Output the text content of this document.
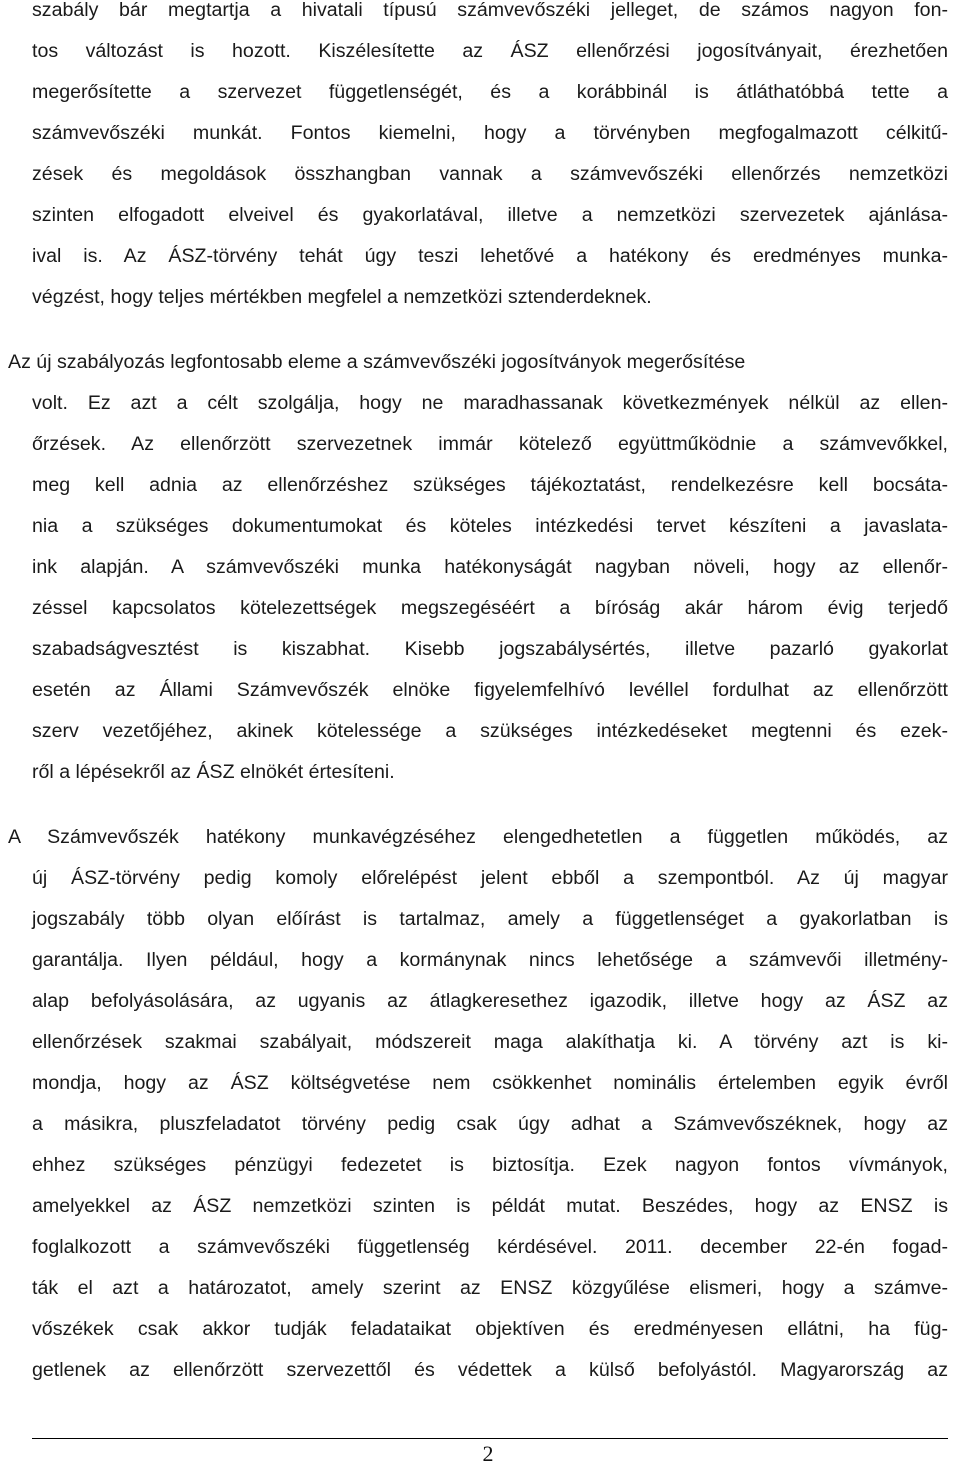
szabály bár megtartja a hivatali típusú számvevőszéki jelleget, de számos nagyon fon-
tos változást is hozott. Kiszélesítette az ÁSZ ellenőrzési jogosítványait, érezhetően
megerősítette a szervezet függetlenségét, és a korábbinál is átláthatóbbá tette a
számvevőszéki munkát. Fontos kiemelni, hogy a törvényben megfogalmazott célkitű-
zések és megoldások összhangban vannak a számvevőszéki ellenőrzés nemzetközi
szinten elfogadott elveivel és gyakorlatával, illetve a nemzetközi szervezetek ajánlása-
ival is. Az ÁSZ-törvény tehát úgy teszi lehetővé a hatékony és eredményes munka-
végzést, hogy teljes mértékben megfelel a nemzetközi sztenderdeknek.
Az új szabályozás legfontosabb eleme a számvevőszéki jogosítványok megerősítése
volt. Ez azt a célt szolgálja, hogy ne maradhassanak következmények nélkül az ellen-
őrzések. Az ellenőrzött szervezetnek immár kötelező együttműködnie a számvevőkkel,
meg kell adnia az ellenőrzéshez szükséges tájékoztatást, rendelkezésre kell bocsáta-
nia a szükséges dokumentumokat és köteles intézkedési tervet készíteni a javaslata-
ink alapján. A számvevőszéki munka hatékonyságát nagyban növeli, hogy az ellenőr-
zéssel kapcsolatos kötelezettségek megszegéséért a bíróság akár három évig terjedő
szabadságvesztést is kiszabhat. Kisebb jogszabálysértés, illetve pazarló gyakorlat
esetén az Állami Számvevőszék elnöke figyelemfelhívó levéllel fordulhat az ellenőrzött
szerv vezetőjéhez, akinek kötelessége a szükséges intézkedéseket megtenni és ezek-
ről a lépésekről az ÁSZ elnökét értesíteni.
A Számvevőszék hatékony munkavégzéséhez elengedhetetlen a független működés, az
új ÁSZ-törvény pedig komoly előrelépést jelent ebből a szempontból. Az új magyar
jogszabály több olyan előírást is tartalmaz, amely a függetlenséget a gyakorlatban is
garantálja. Ilyen például, hogy a kormánynak nincs lehetősége a számvevői illetmény-
alap befolyásolására, az ugyanis az átlagkeresethez igazodik, illetve hogy az ÁSZ az
ellenőrzések szakmai szabályait, módszereit maga alakíthatja ki. A törvény azt is ki-
mondja, hogy az ÁSZ költségvetése nem csökkenhet nominális értelemben egyik évről
a másikra, pluszfeladatot törvény pedig csak úgy adhat a Számvevőszéknek, hogy az
ehhez szükséges pénzügyi fedezetet is biztosítja. Ezek nagyon fontos vívmányok,
amelyekkel az ÁSZ nemzetközi szinten is példát mutat. Beszédes, hogy az ENSZ is
foglalkozott a számvevőszéki függetlenség kérdésével. 2011. december 22-én fogad-
ták el azt a határozatot, amely szerint az ENSZ közgyűlése elismeri, hogy a számve-
vőszékek csak akkor tudják feladataikat objektíven és eredményesen ellátni, ha füg-
getlenek az ellenőrzött szervezettől és védettek a külső befolyástól. Magyarország az
2
